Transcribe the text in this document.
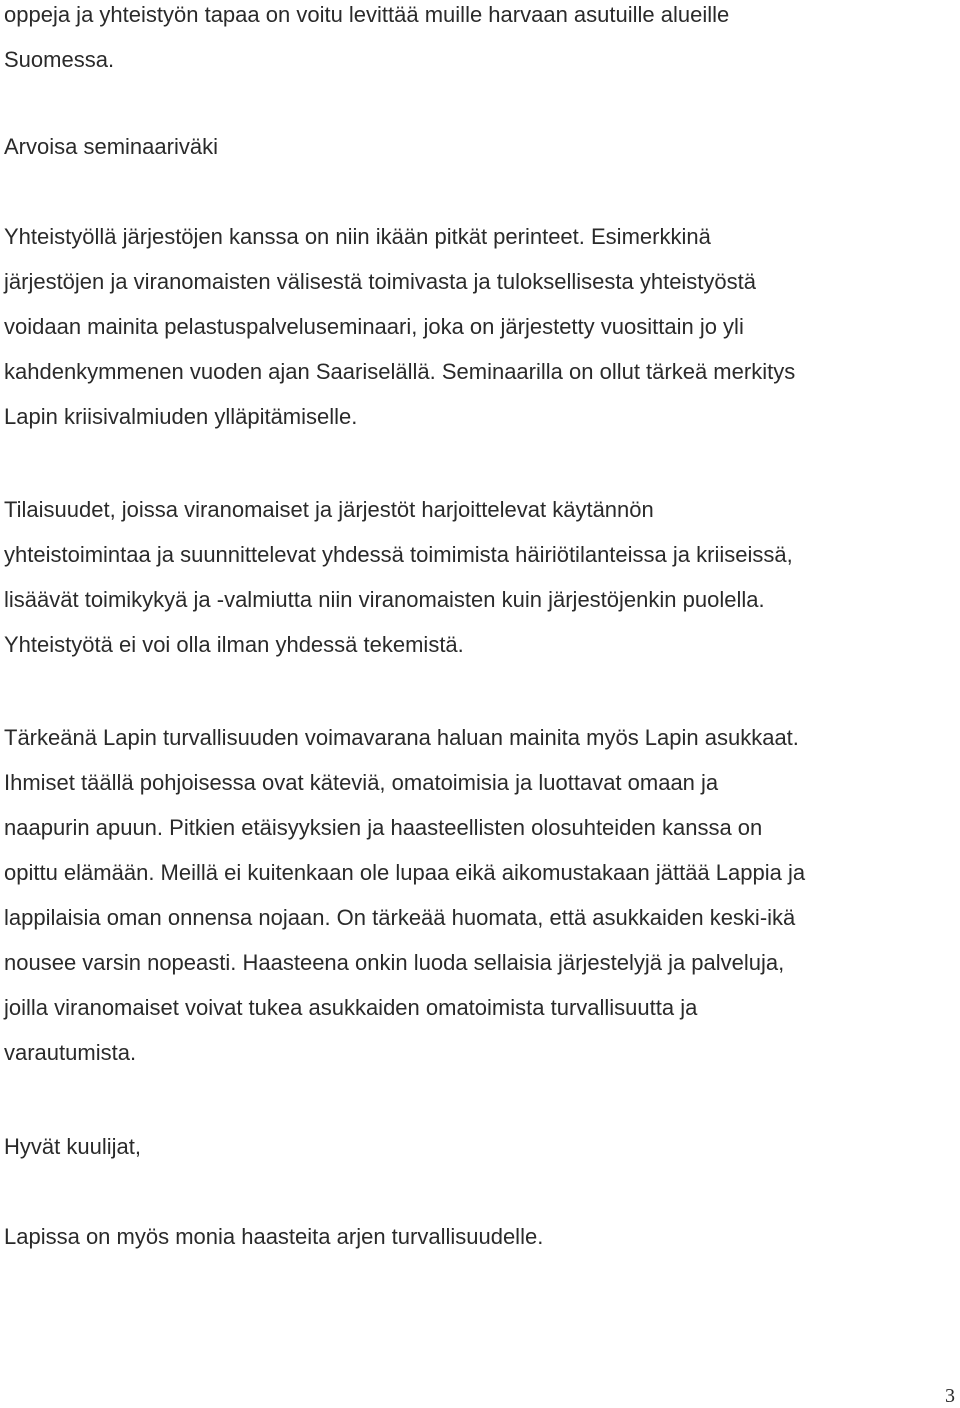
oppeja ja yhteistyön tapaa on voitu levittää muille harvaan asutuille alueille
Suomessa.
Arvoisa seminaariväki
Yhteistyöllä järjestöjen kanssa on niin ikään pitkät perinteet. Esimerkkinä
järjestöjen ja viranomaisten välisestä toimivasta ja tuloksellisesta yhteistyöstä
voidaan mainita pelastuspalveluseminaari, joka on järjestetty vuosittain jo yli
kahdenkymmenen vuoden ajan Saariselällä. Seminaarilla on ollut tärkeä merkitys
Lapin kriisivalmiuden ylläpitämiselle.
Tilaisuudet, joissa viranomaiset ja järjestöt harjoittelevat käytännön
yhteistoimintaa ja suunnittelevat yhdessä toimimista häiriötilanteissa ja kriiseissä,
lisäävät toimikykyä ja -valmiutta niin viranomaisten kuin järjestöjenkin puolella.
Yhteistyötä ei voi olla ilman yhdessä tekemistä.
Tärkeänä Lapin turvallisuuden voimavarana haluan mainita myös Lapin asukkaat.
Ihmiset täällä pohjoisessa ovat käteviä, omatoimisia ja luottavat omaan ja
naapurin apuun. Pitkien etäisyyksien ja haasteellisten olosuhteiden kanssa on
opittu elämään. Meillä ei kuitenkaan ole lupaa eikä aikomustakaan jättää Lappia ja
lappilaisia oman onnensa nojaan. On tärkeää huomata, että asukkaiden keski-ikä
nousee varsin nopeasti. Haasteena onkin luoda sellaisia järjestelyjä ja palveluja,
joilla viranomaiset voivat tukea asukkaiden omatoimista turvallisuutta ja
varautumista.
Hyvät kuulijat,
Lapissa on myös monia haasteita arjen turvallisuudelle.
3
